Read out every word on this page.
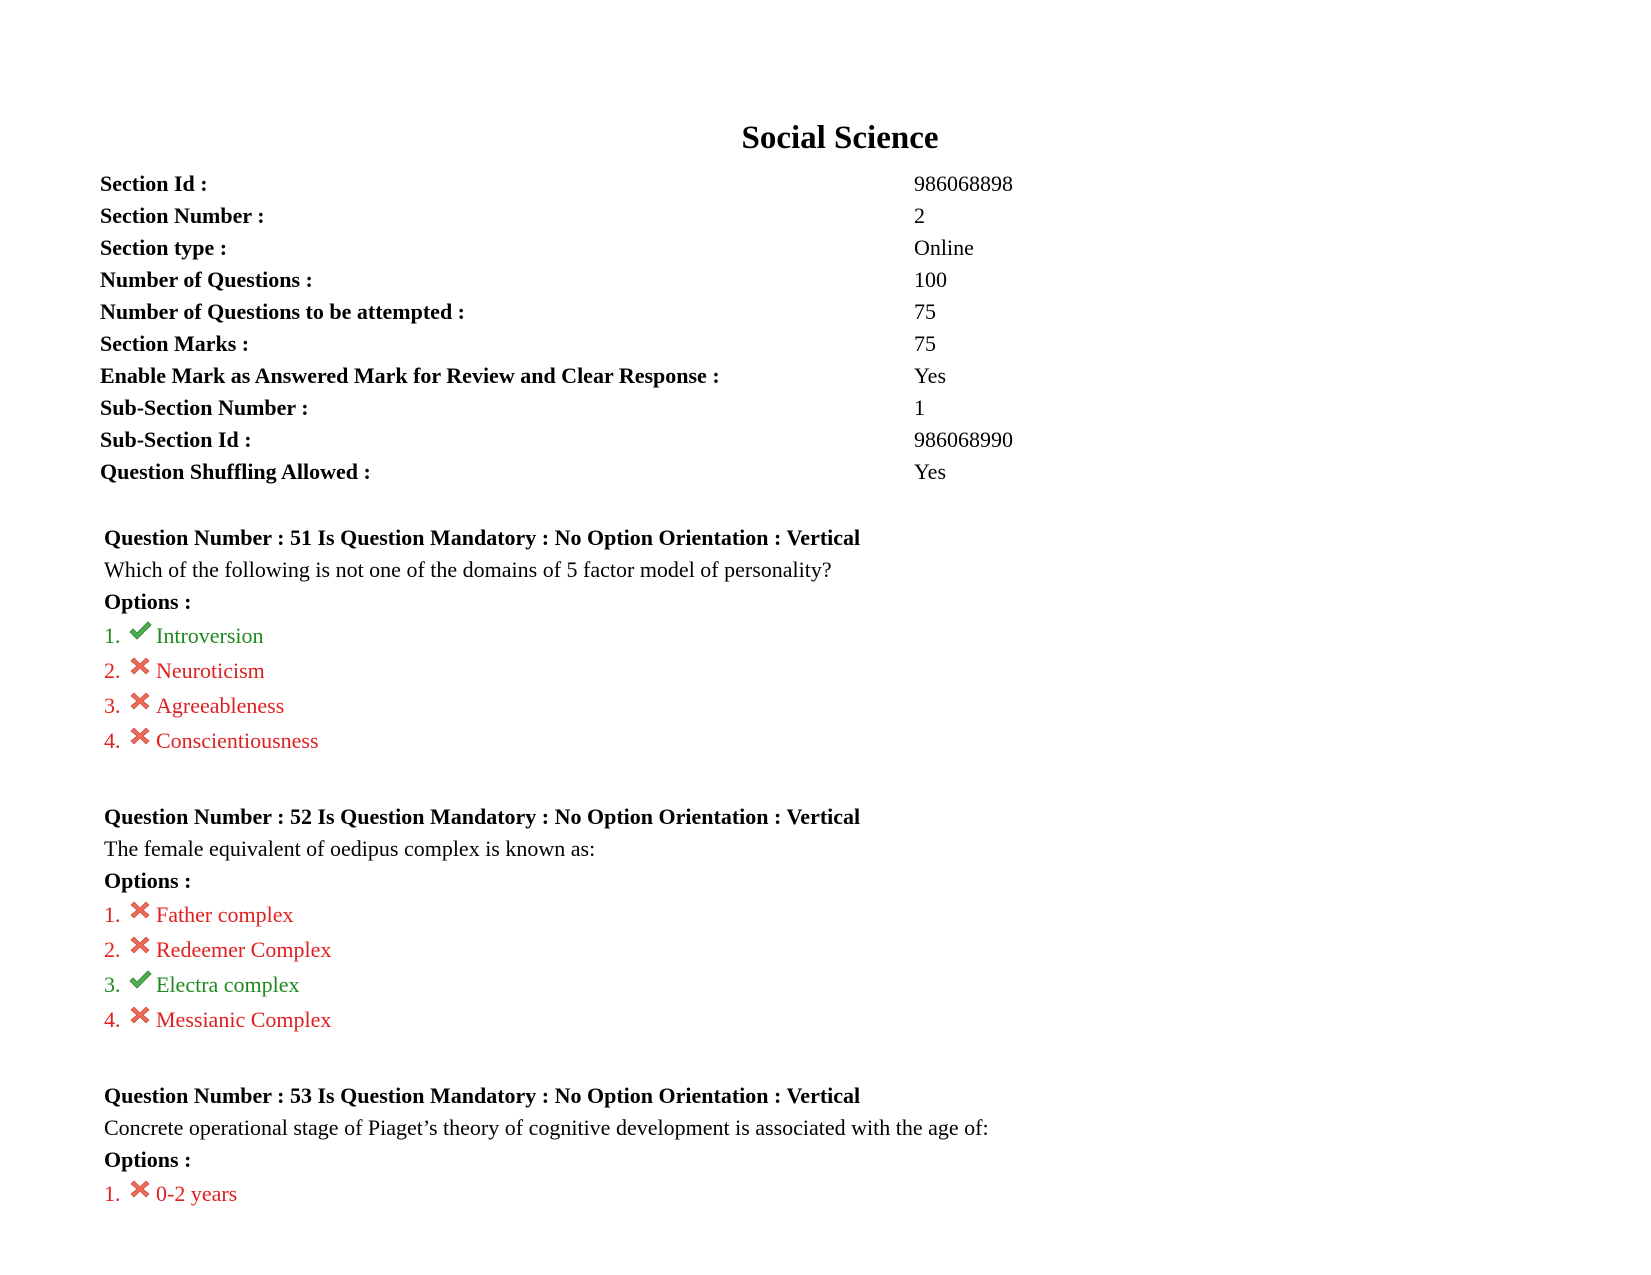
Social Science
Section Id :	986068898
Section Number :	2
Section type :	Online
Number of Questions :	100
Number of Questions to be attempted :	75
Section Marks :	75
Enable Mark as Answered Mark for Review and Clear Response :	Yes
Sub-Section Number :	1
Sub-Section Id :	986068990
Question Shuffling Allowed :	Yes
Question Number : 51 Is Question Mandatory : No Option Orientation : Vertical
Which of the following is not one of the domains of 5 factor model of personality?
Options :
1.	Introversion
2.	Neuroticism
3.	Agreeableness
4.	Conscientiousness
Question Number : 52 Is Question Mandatory : No Option Orientation : Vertical
The female equivalent of oedipus complex is known as:
Options :
1.	Father complex
2.	Redeemer Complex
3.	Electra complex
4.	Messianic Complex
Question Number : 53 Is Question Mandatory : No Option Orientation : Vertical
Concrete operational stage of Piaget’s theory of cognitive development is associated with the age of:
Options :
1.	0-2 years
